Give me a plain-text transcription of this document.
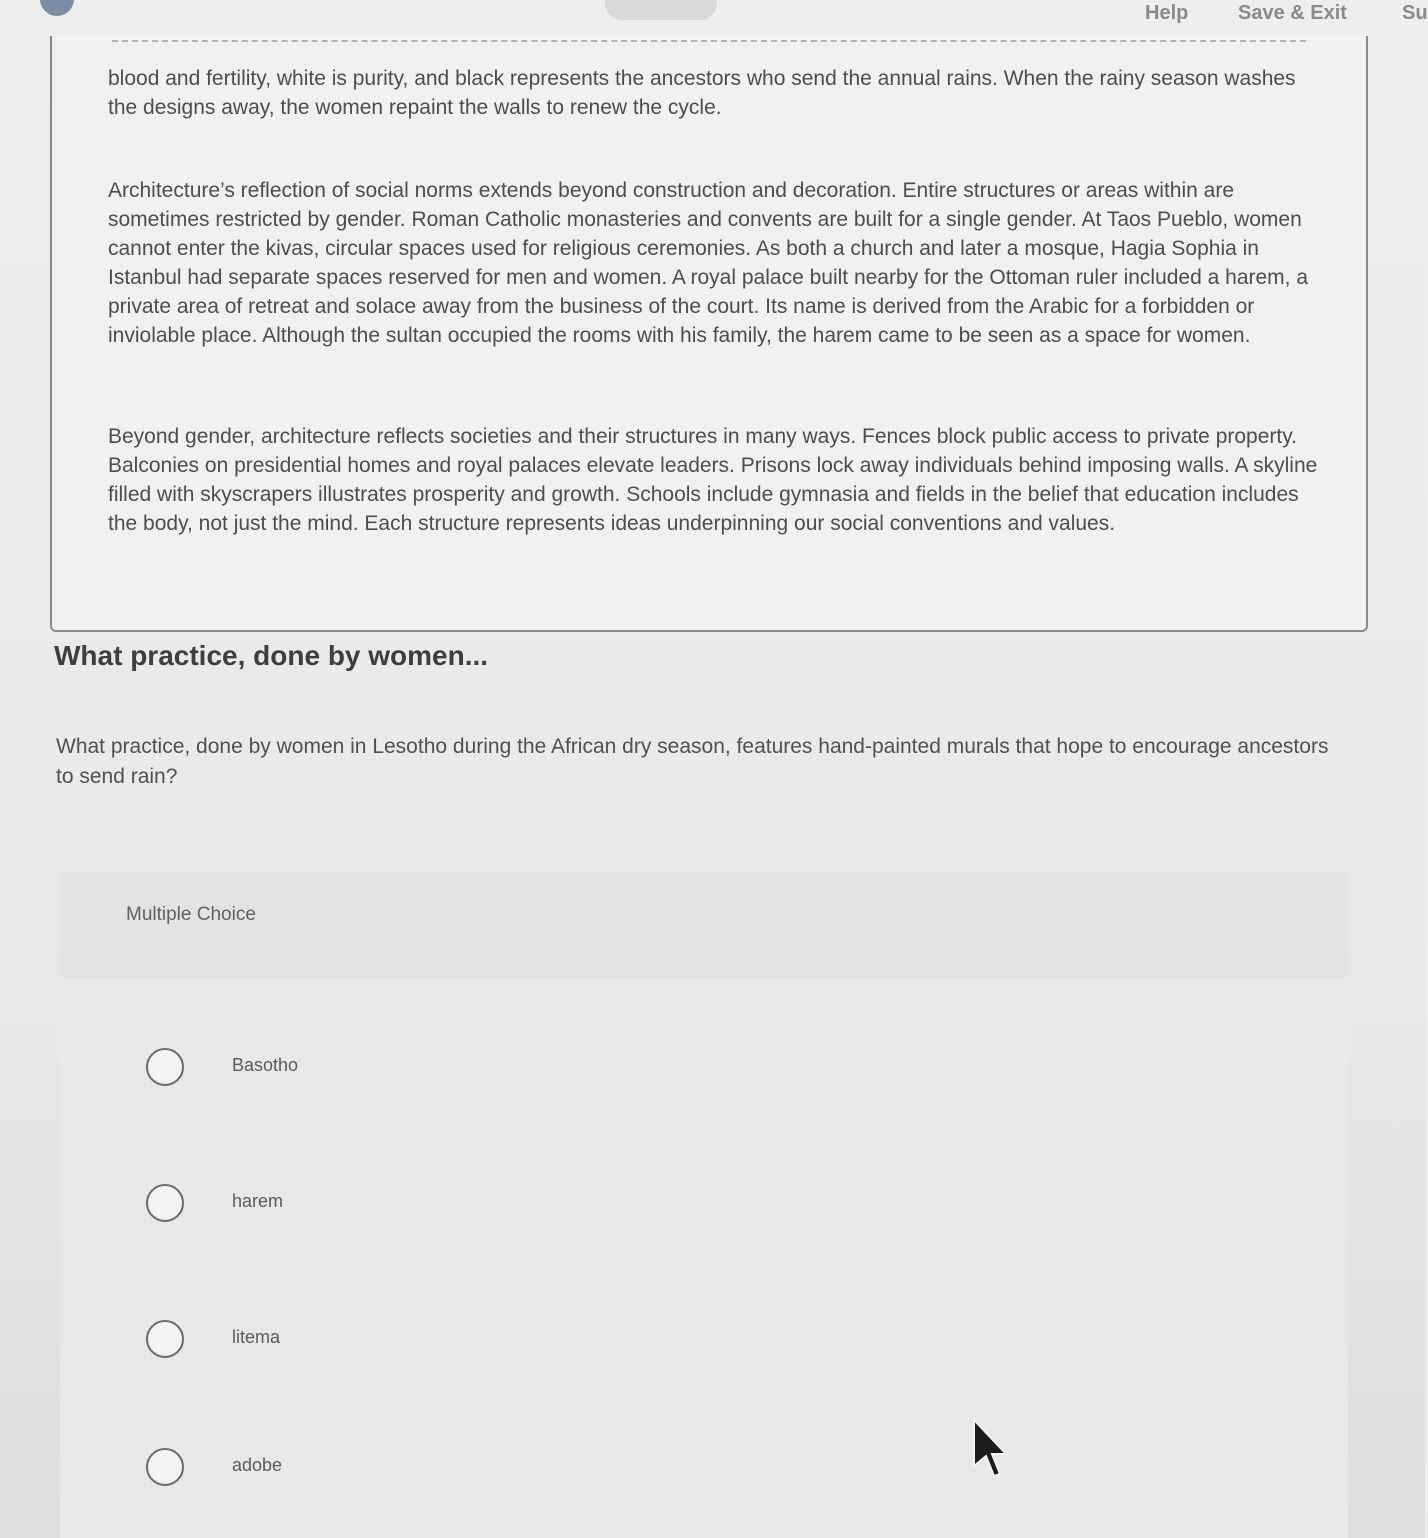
Help Save & Exit	Su

blood and fertility, white is purity, and black represents the ancestors who send the annual rains. When the rainy season washes the designs away, the women repaint the walls to renew the cycle.

Architecture’s reflection of social norms extends beyond construction and decoration. Entire structures or areas within are sometimes restricted by gender. Roman Catholic monasteries and convents are built for a single gender. At Taos Pueblo, women cannot enter the kivas, circular spaces used for religious ceremonies. As both a church and later a mosque, Hagia Sophia in Istanbul had separate spaces reserved for men and women. A royal palace built nearby for the Ottoman ruler included a harem, a private area of retreat and solace away from the business of the court. Its name is derived from the Arabic for a forbidden or inviolable place. Although the sultan occupied the rooms with his family, the harem came to be seen as a space for women.

Beyond gender, architecture reflects societies and their structures in many ways. Fences block public access to private property. Balconies on presidential homes and royal palaces elevate leaders. Prisons lock away individuals behind imposing walls. A skyline filled with skyscrapers illustrates prosperity and growth. Schools include gymnasia and fields in the belief that education includes the body, not just the mind. Each structure represents ideas underpinning our social conventions and values.

What practice, done by women...

What practice, done by women in Lesotho during the African dry season, features hand-painted murals that hope to encourage ancestors to send rain?

Multiple Choice
Basotho
harem
litema
adobe
